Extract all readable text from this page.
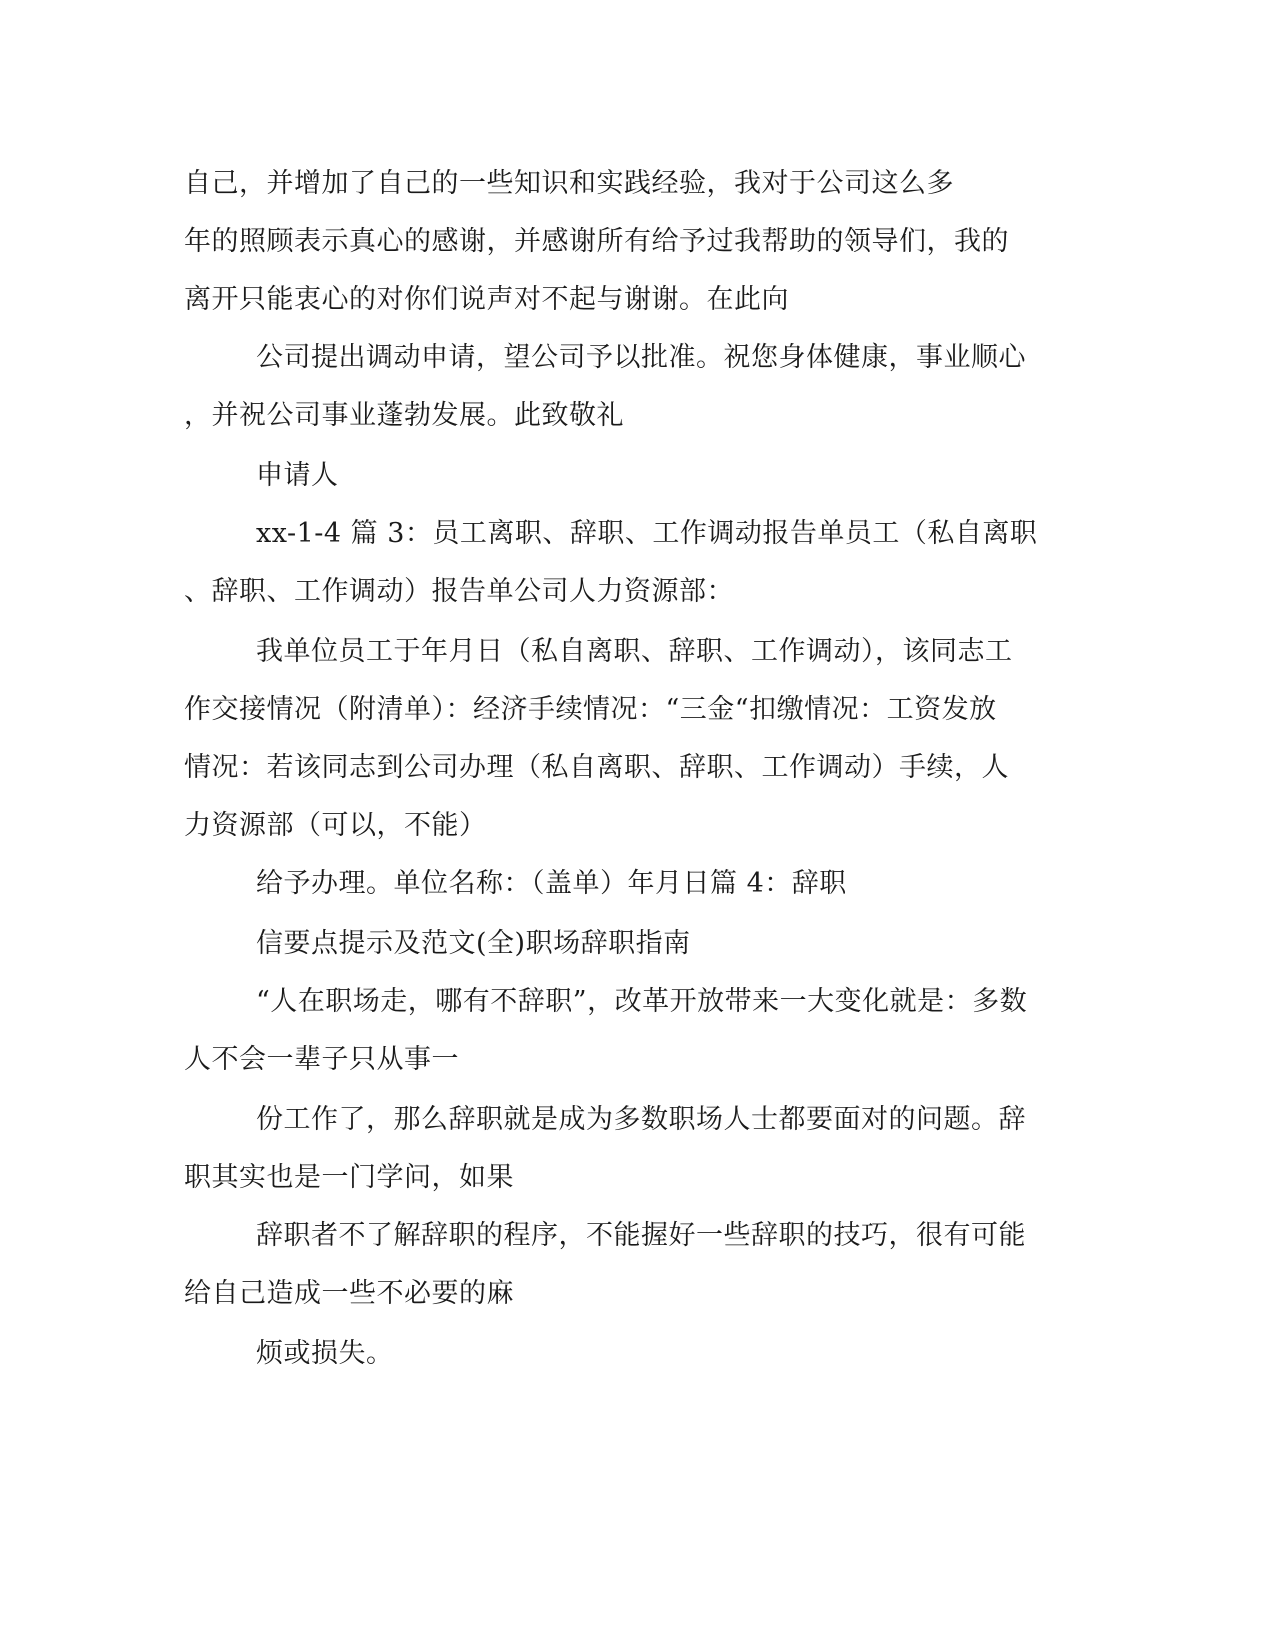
自己，并增加了自己的一些知识和实践经验，我对于公司这么多
年的照顾表示真心的感谢，并感谢所有给予过我帮助的领导们，我的
离开只能衷心的对你们说声对不起与谢谢。在此向
公司提出调动申请，望公司予以批准。祝您身体健康，事业顺心
，并祝公司事业蓬勃发展。此致敬礼
申请人
xx-1-4 篇 3：员工离职、辞职、工作调动报告单员工（私自离职
、辞职、工作调动）报告单公司人力资源部：
我单位员工于年月日（私自离职、辞职、工作调动），该同志工
作交接情况（附清单）：经济手续情况：“三金“扣缴情况：工资发放
情况：若该同志到公司办理（私自离职、辞职、工作调动）手续，人
力资源部（可以，不能）
给予办理。单位名称：（盖单）年月日篇 4：辞职
信要点提示及范文(全)职场辞职指南
“人在职场走，哪有不辞职”，改革开放带来一大变化就是：多数
人不会一辈子只从事一
份工作了，那么辞职就是成为多数职场人士都要面对的问题。辞
职其实也是一门学问，如果
辞职者不了解辞职的程序，不能握好一些辞职的技巧，很有可能
给自己造成一些不必要的麻
烦或损失。
